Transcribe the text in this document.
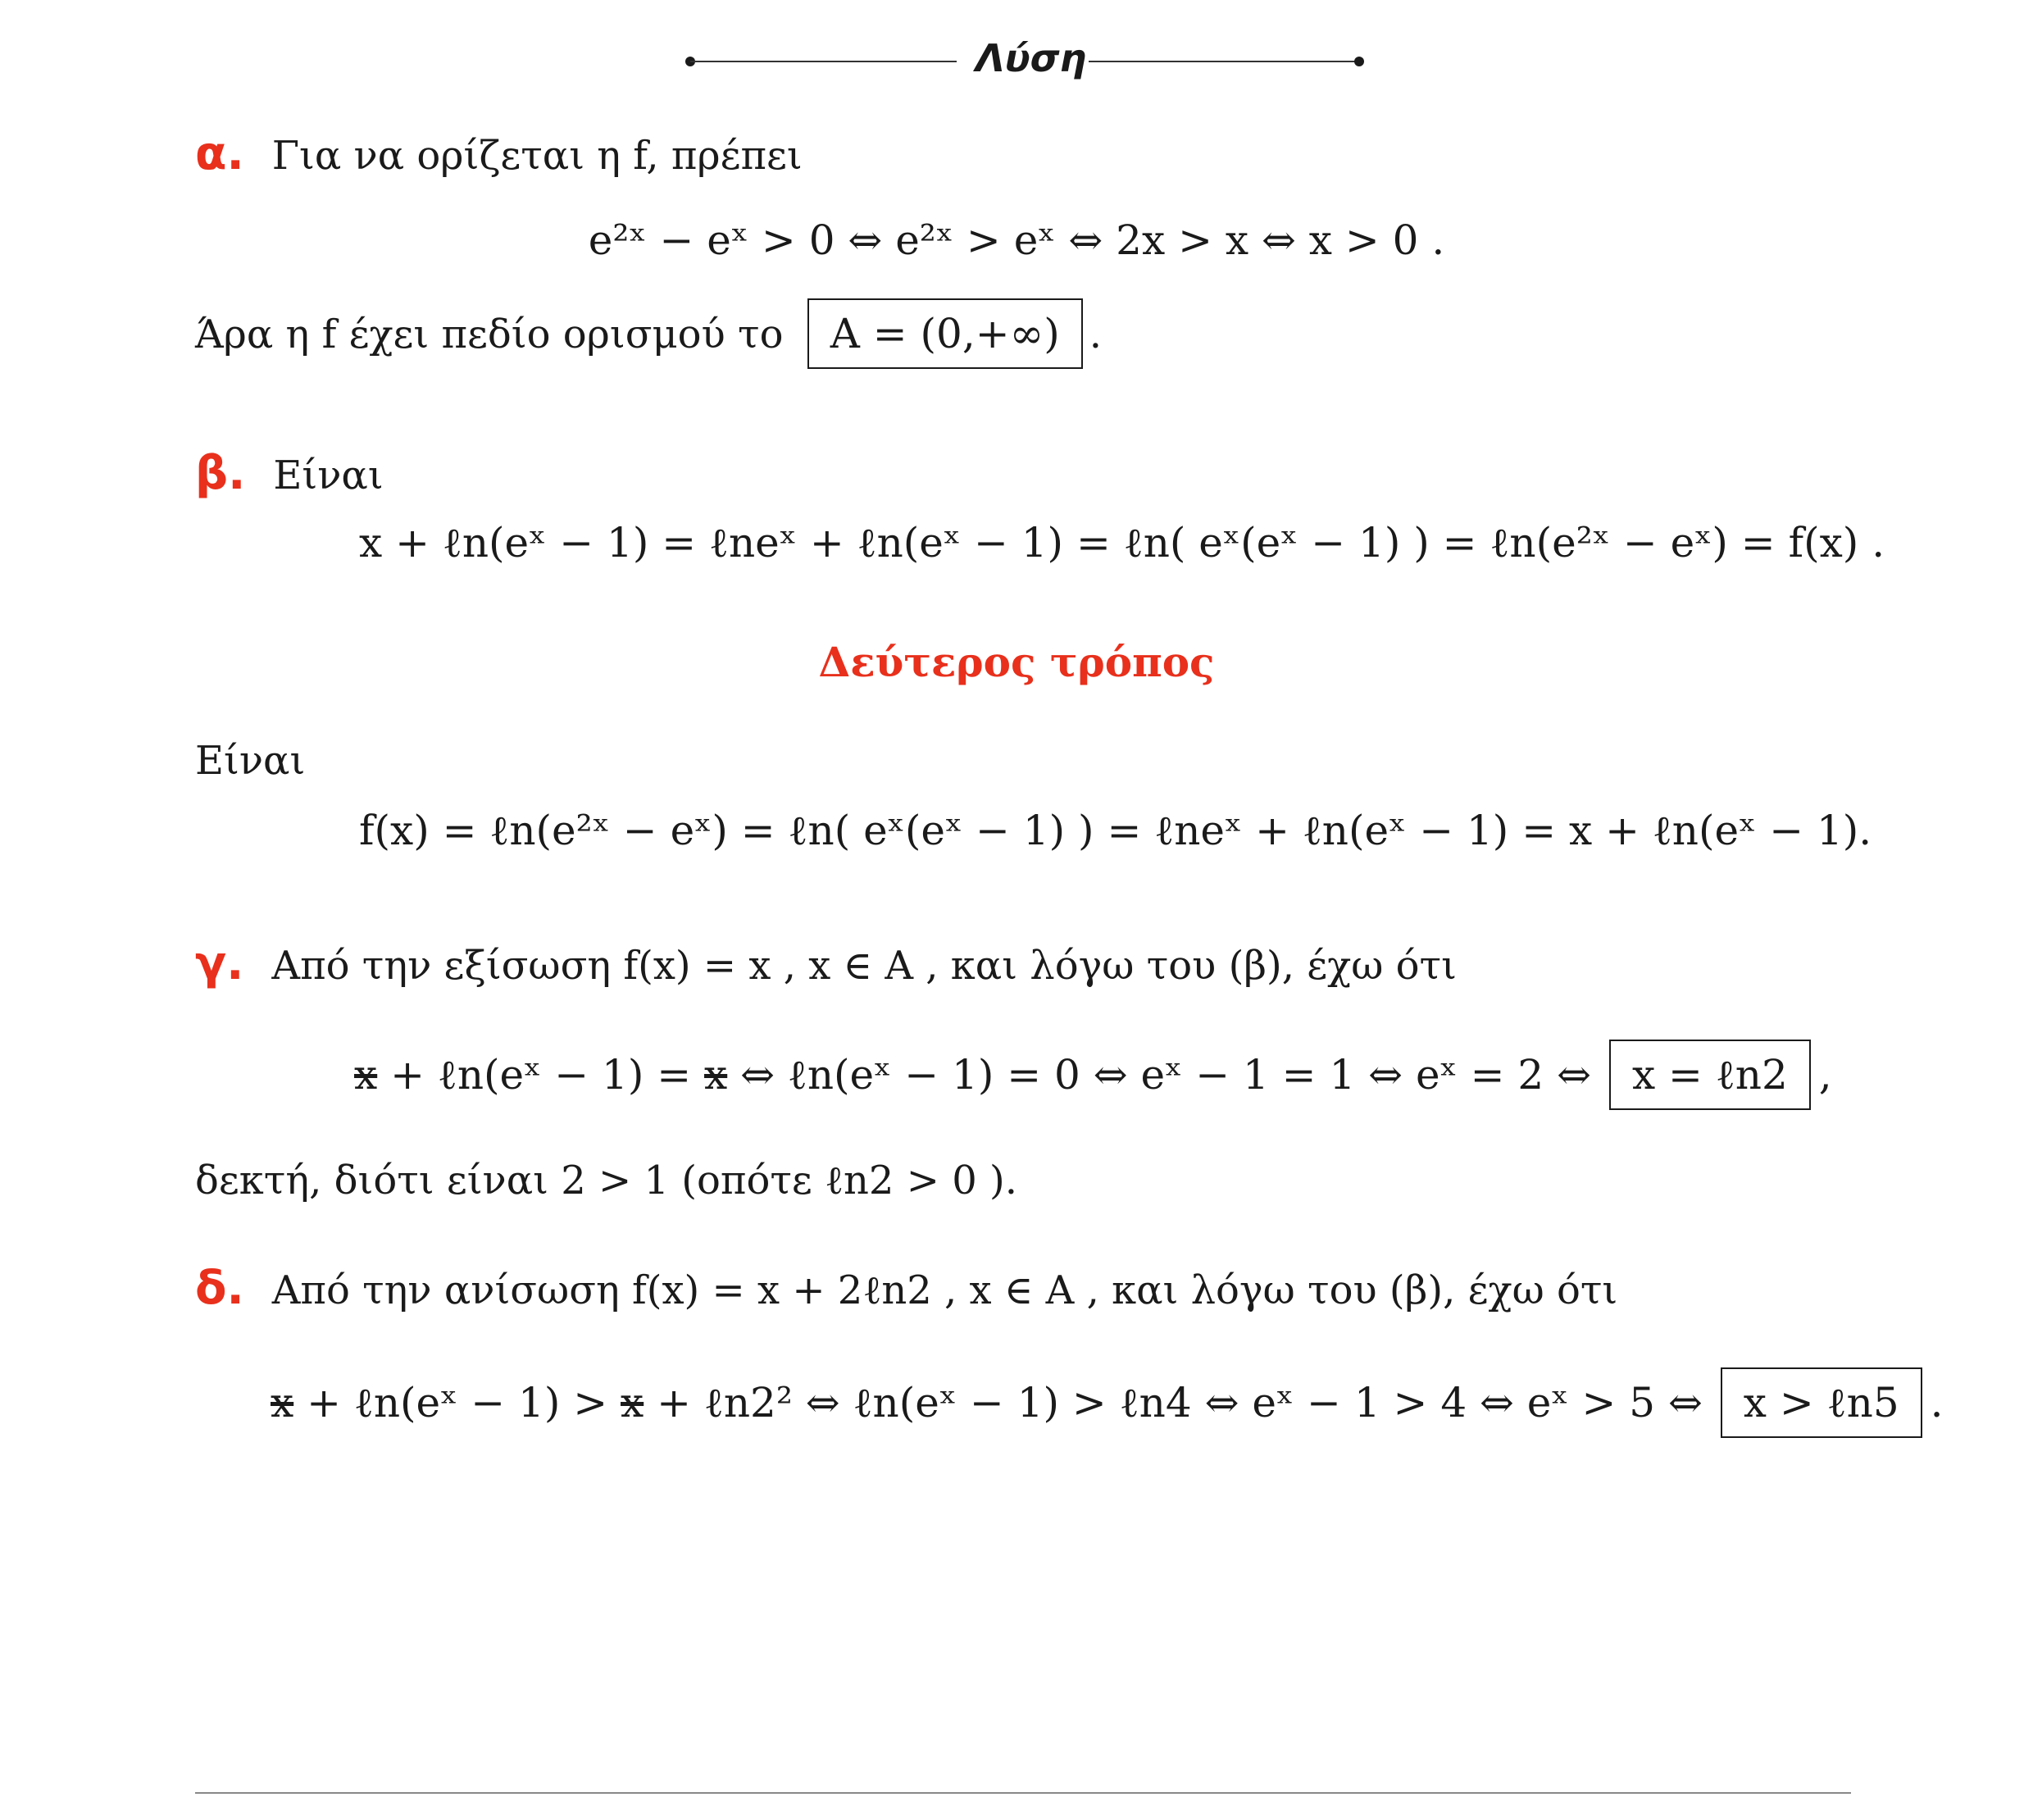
Λύση
α. Για να ορίζεται η f, πρέπει
e²ˣ − eˣ > 0 ⇔ e²ˣ > eˣ ⇔ 2x > x ⇔ x > 0 .
Άρα η f έχει πεδίο ορισμού το A = (0,+∞) .
β. Είναι
x + ℓn(eˣ − 1) = ℓneˣ + ℓn(eˣ − 1) = ℓn( eˣ(eˣ − 1) ) = ℓn(e²ˣ − eˣ) = f(x) .
Δεύτερος τρόπος
Είναι
f(x) = ℓn(e²ˣ − eˣ) = ℓn( eˣ(eˣ − 1) ) = ℓneˣ + ℓn(eˣ − 1) = x + ℓn(eˣ − 1).
γ. Από την εξίσωση f(x) = x , x ∈ A , και λόγω του (β), έχω ότι
x + ℓn(eˣ − 1) = x ⇔ ℓn(eˣ − 1) = 0 ⇔ eˣ − 1 = 1 ⇔ eˣ = 2 ⇔ x = ℓn2 ,
δεκτή, διότι είναι 2 > 1 (οπότε ℓn2 > 0 ).
δ. Από την ανίσωση f(x) = x + 2ℓn2 , x ∈ A , και λόγω του (β), έχω ότι
x + ℓn(eˣ − 1) > x + ℓn2² ⇔ ℓn(eˣ − 1) > ℓn4 ⇔ eˣ − 1 > 4 ⇔ eˣ > 5 ⇔ x > ℓn5 .
